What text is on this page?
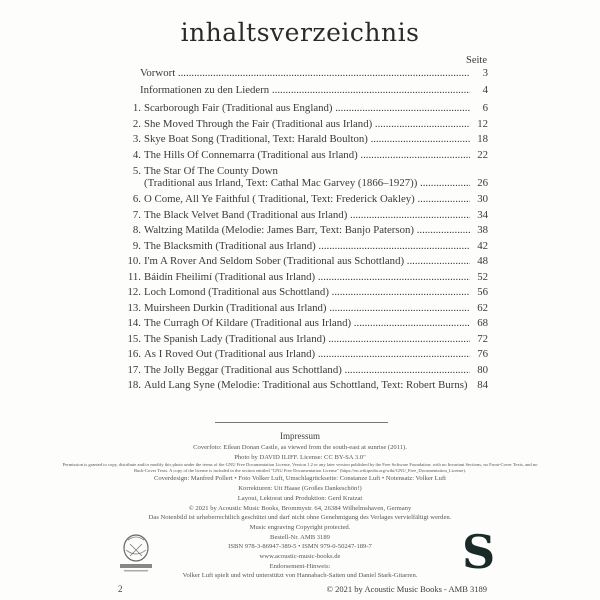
inhaltsverzeichnis
Seite
Vorwort .....	3
Informationen zu den Liedern .....	4
1. Scarborough Fair (Traditional aus England) .....	6
2. She Moved Through the Fair (Traditional aus Irland) .....	12
3. Skye Boat Song (Traditional, Text: Harald Boulton) .....	18
4. The Hills Of Connemarra (Traditional aus Irland) .....	22
5. The Star Of The County Down
(Traditional aus Irland, Text: Cathal Mac Garvey (1866–1927)) .....	26
6. O Come, All Ye Faithful ( Traditional, Text: Frederick Oakley) .....	30
7. The Black Velvet Band (Traditional aus Irland) .....	34
8. Waltzing Matilda (Melodie: James Barr, Text: Banjo Paterson) .....	38
9. The Blacksmith (Traditional aus Irland) .....	42
10. I'm A Rover And Seldom Sober (Traditional aus Schottland) .....	48
11. Báidín Fheilimí (Traditional aus Irland) .....	52
12. Loch Lomond (Traditional aus Schottland) .....	56
13. Muirsheen Durkin (Traditional aus Irland) .....	62
14. The Curragh Of Kildare (Traditional aus Irland) .....	68
15. The Spanish Lady (Traditional aus Irland) .....	72
16. As I Roved Out (Traditional aus Irland) .....	76
17. The Jolly Beggar (Traditional aus Schottland) .....	80
18. Auld Lang Syne (Melodie: Traditional aus Schottland, Text: Robert Burns) ..... 84
Impressum
Coverfoto: Eilean Donan Castle, as viewed from the south-east at sunrise (2011).
Photo by DAVID ILIFF. License: CC BY-SA 3.0"
Permission is granted to copy, distribute and/or modify this photo under the terms of the GNU Free Documentation License, Version 1.2 or any later version published by the Free Software Foundation; with no Invariant Sections, no Front-Cover Texts, and no Back-Cover Texts. A copy of the license is included in the section entitled "GNU Free Documentation License" (https://en.wikipedia.org/wiki/GNU_Free_Documentation_License).
Coverdesign: Manfred Pollert • Foto Volker Luft, Umschlagrückseite: Constanze Luft • Notensatz: Volker Luft
Korrekturen: Uit Haase (Großes Dankeschön!)
Layout, Lektorat und Produktion: Gerd Kratzat
© 2021 by Acoustic Music Books, Brommystr. 64, 26384 Wilhelmshaven, Germany
Das Notenbild ist urheberrechtlich geschützt und darf nicht ohne Genehmigung des Verlages vervielfältigt werden.
Music engraving Copyright protected.
Bestell-Nr. AMB 3189
ISBN 978-3-86947-389-5 • ISMN 979-0-50247-189-7
www.acoustic-music-books.de
Endorsement-Hinweis:
Volker Luft spielt und wird unterstützt von Hannabach-Saiten und Daniel Stark-Gitarren. S
2	© 2021 by Acoustic Music Books - AMB 3189
